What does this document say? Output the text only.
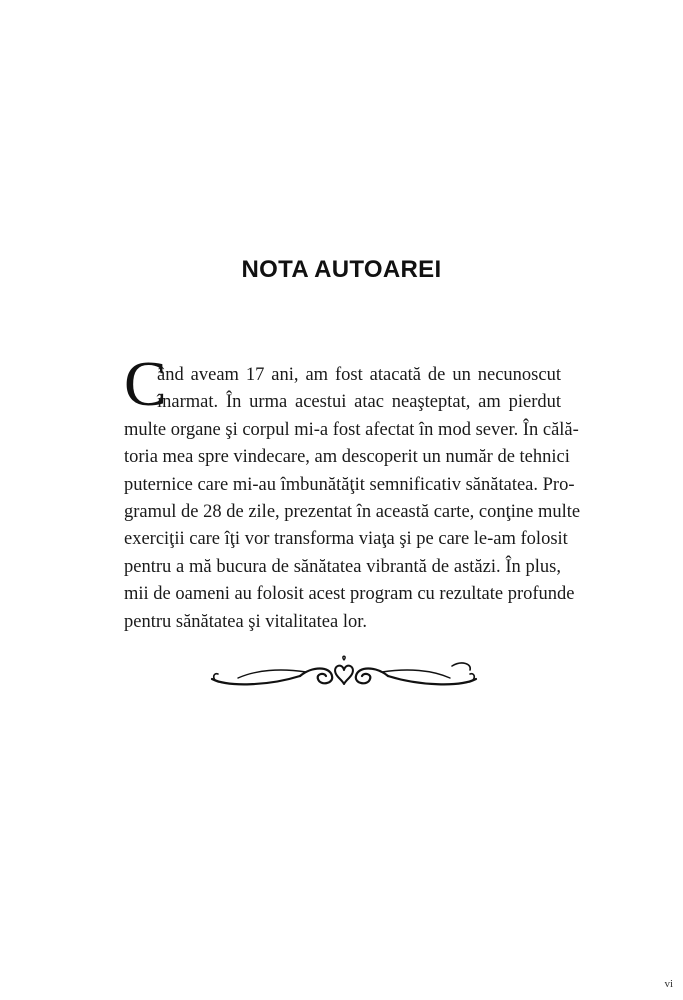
NOTA AUTOAREI
C
ând aveam 17 ani, am fost atacată de un necunoscut
înarmat. În urma acestui atac neaşteptat, am pierdut
multe organe şi corpul mi-a fost afectat în mod sever. În călă-
toria mea spre vindecare, am descoperit un număr de tehnici
puternice care mi-au îmbunătăţit semnificativ sănătatea. Pro-
gramul de 28 de zile, prezentat în această carte, conţine multe
exerciţii care îţi vor transforma viaţa şi pe care le-am folosit
pentru a mă bucura de sănătatea vibrantă de astăzi. În plus,
mii de oameni au folosit acest program cu rezultate profunde
pentru sănătatea şi vitalitatea lor.
vi
